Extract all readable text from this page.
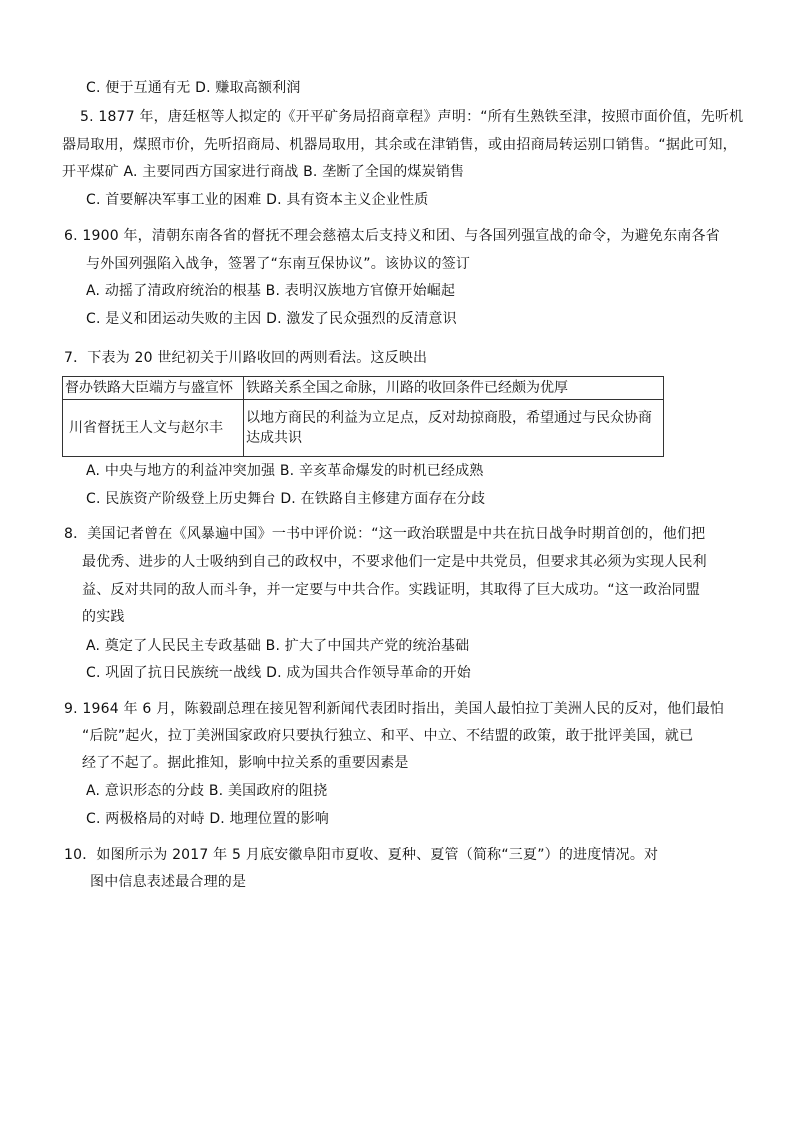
C. 便于互通有无 D. 赚取高额利润
5. 1877 年，唐廷枢等人拟定的《开平矿务局招商章程》声明：“所有生熟铁至津，按照市面价值，先听机
器局取用，煤照市价，先听招商局、机器局取用，其余或在津销售，或由招商局转运别口销售。“据此可知，
开平煤矿 A. 主要同西方国家进行商战 B. 垄断了全国的煤炭销售
C. 首要解决军事工业的困难 D. 具有资本主义企业性质
6. 1900 年，清朝东南各省的督抚不理会慈禧太后支持义和团、与各国列强宣战的命令，为避免东南各省
与外国列强陷入战争，签署了“东南互保协议”。该协议的签订
A. 动摇了清政府统治的根基 B. 表明汉族地方官僚开始崛起
C. 是义和团运动失败的主因 D. 激发了民众强烈的反清意识
7．下表为 20 世纪初关于川路收回的两则看法。这反映出
督办铁路大臣端方与盛宣怀	铁路关系全国之命脉，川路的收回条件已经颇为优厚
川省督抚王人文与赵尔丰	以地方商民的利益为立足点，反对劫掠商股，希望通过与民众协商达成共识
A. 中央与地方的利益冲突加强 B. 辛亥革命爆发的时机已经成熟
C. 民族资产阶级登上历史舞台 D. 在铁路自主修建方面存在分歧
8．美国记者曾在《风暴遍中国》一书中评价说：“这一政治联盟是中共在抗日战争时期首创的，他们把
最优秀、进步的人士吸纳到自己的政权中，不要求他们一定是中共党员，但要求其必须为实现人民利
益、反对共同的敌人而斗争，并一定要与中共合作。实践证明，其取得了巨大成功。“这一政治同盟
的实践
A. 奠定了人民民主专政基础 B. 扩大了中国共产党的统治基础
C. 巩固了抗日民族统一战线 D. 成为国共合作领导革命的开始
9. 1964 年 6 月，陈毅副总理在接见智利新闻代表团时指出，美国人最怕拉丁美洲人民的反对，他们最怕
“后院”起火，拉丁美洲国家政府只要执行独立、和平、中立、不结盟的政策，敢于批评美国，就已
经了不起了。据此推知，影响中拉关系的重要因素是
A. 意识形态的分歧 B. 美国政府的阻挠
C. 两极格局的对峙 D. 地理位置的影响
10．如图所示为 2017 年 5 月底安徽阜阳市夏收、夏种、夏管（简称“三夏”）的进度情况。对
图中信息表述最合理的是
